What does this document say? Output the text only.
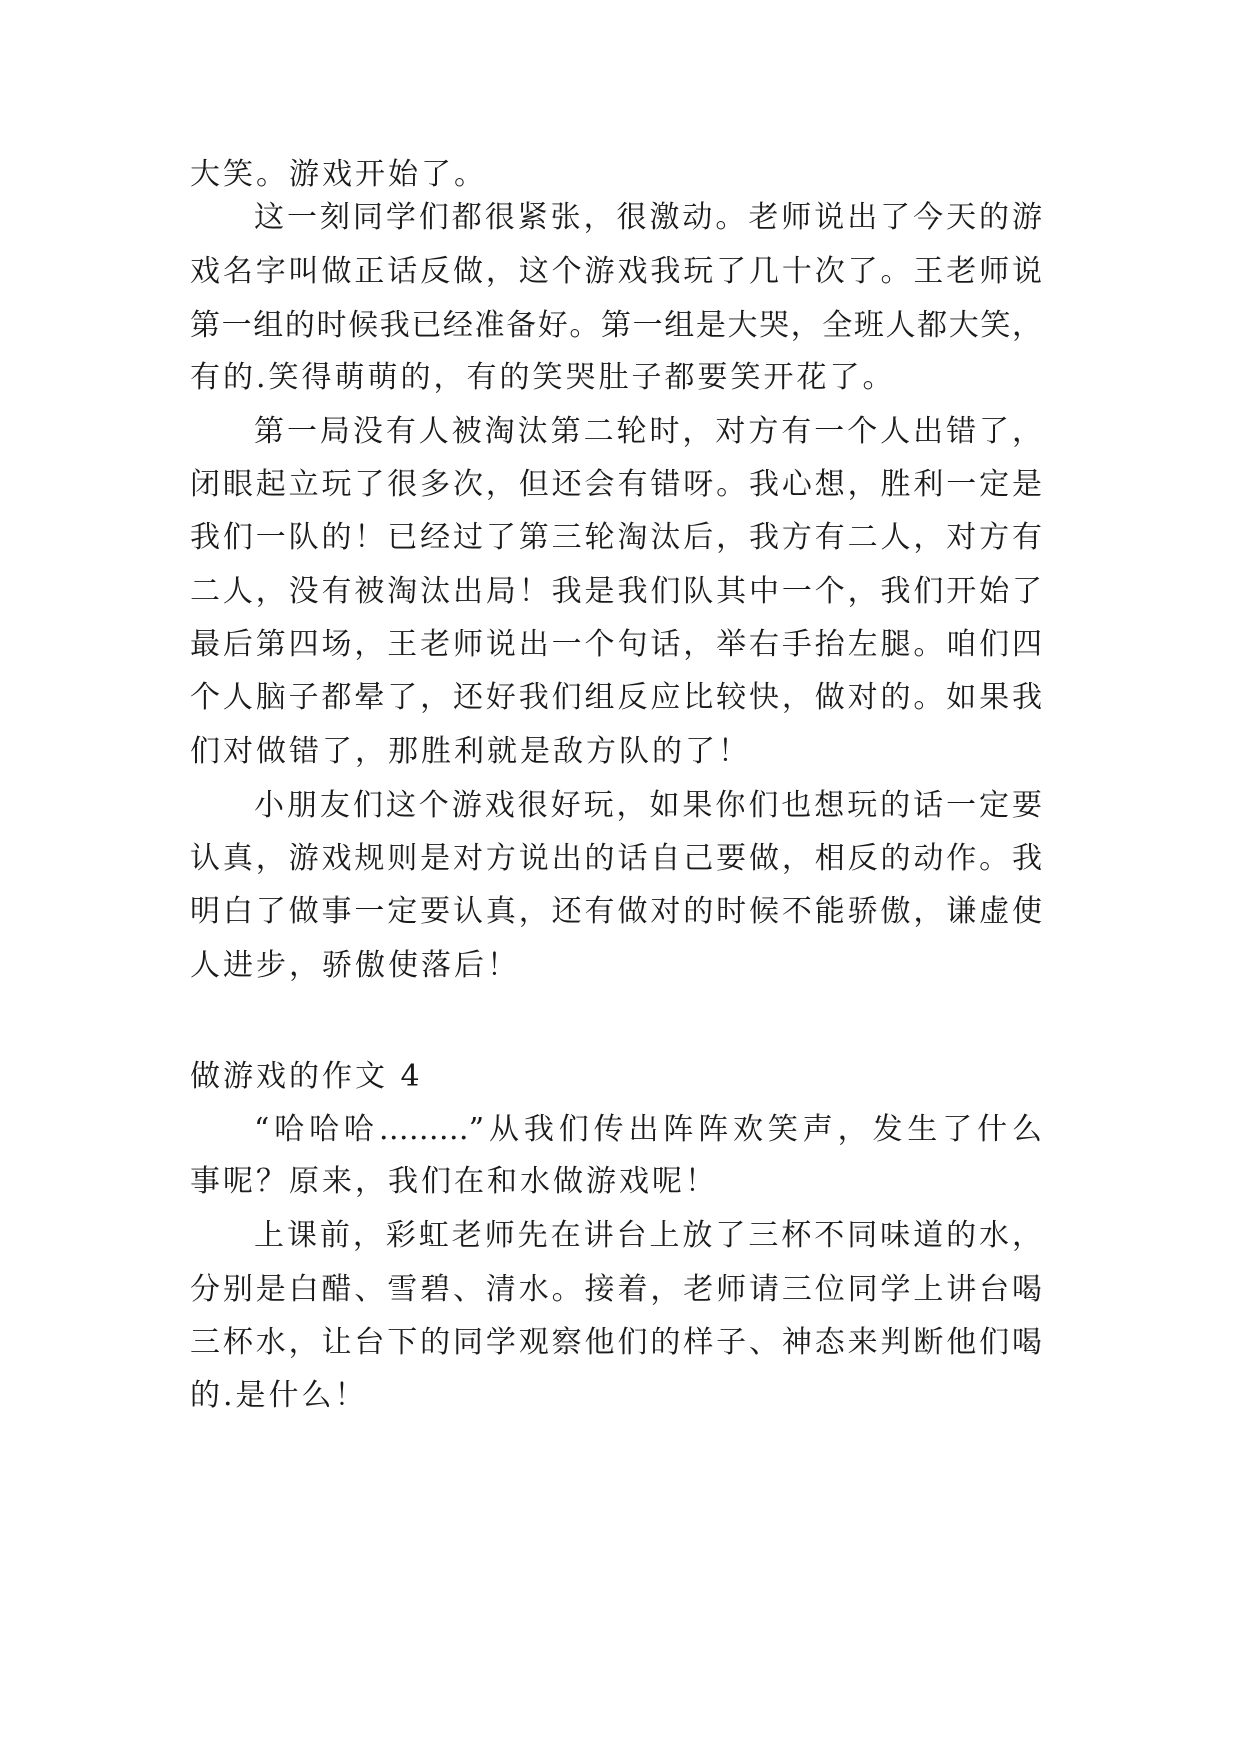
大笑。游戏开始了。
这一刻同学们都很紧张，很激动。老师说出了今天的游
戏名字叫做正话反做，这个游戏我玩了几十次了。王老师说
第一组的时候我已经准备好。第一组是大哭，全班人都大笑，
有的.笑得萌萌的，有的笑哭肚子都要笑开花了。
第一局没有人被淘汰第二轮时，对方有一个人出错了，
闭眼起立玩了很多次，但还会有错呀。我心想，胜利一定是
我们一队的！已经过了第三轮淘汰后，我方有二人，对方有
二人，没有被淘汰出局！我是我们队其中一个，我们开始了
最后第四场，王老师说出一个句话，举右手抬左腿。咱们四
个人脑子都晕了，还好我们组反应比较快，做对的。如果我
们对做错了，那胜利就是敌方队的了！
小朋友们这个游戏很好玩，如果你们也想玩的话一定要
认真，游戏规则是对方说出的话自己要做，相反的动作。我
明白了做事一定要认真，还有做对的时候不能骄傲，谦虚使
人进步，骄傲使落后！
做游戏的作文 4
“哈哈哈………”从我们传出阵阵欢笑声，发生了什么
事呢？原来，我们在和水做游戏呢！
上课前，彩虹老师先在讲台上放了三杯不同味道的水，
分别是白醋、雪碧、清水。接着，老师请三位同学上讲台喝
三杯水，让台下的同学观察他们的样子、神态来判断他们喝
的.是什么！
